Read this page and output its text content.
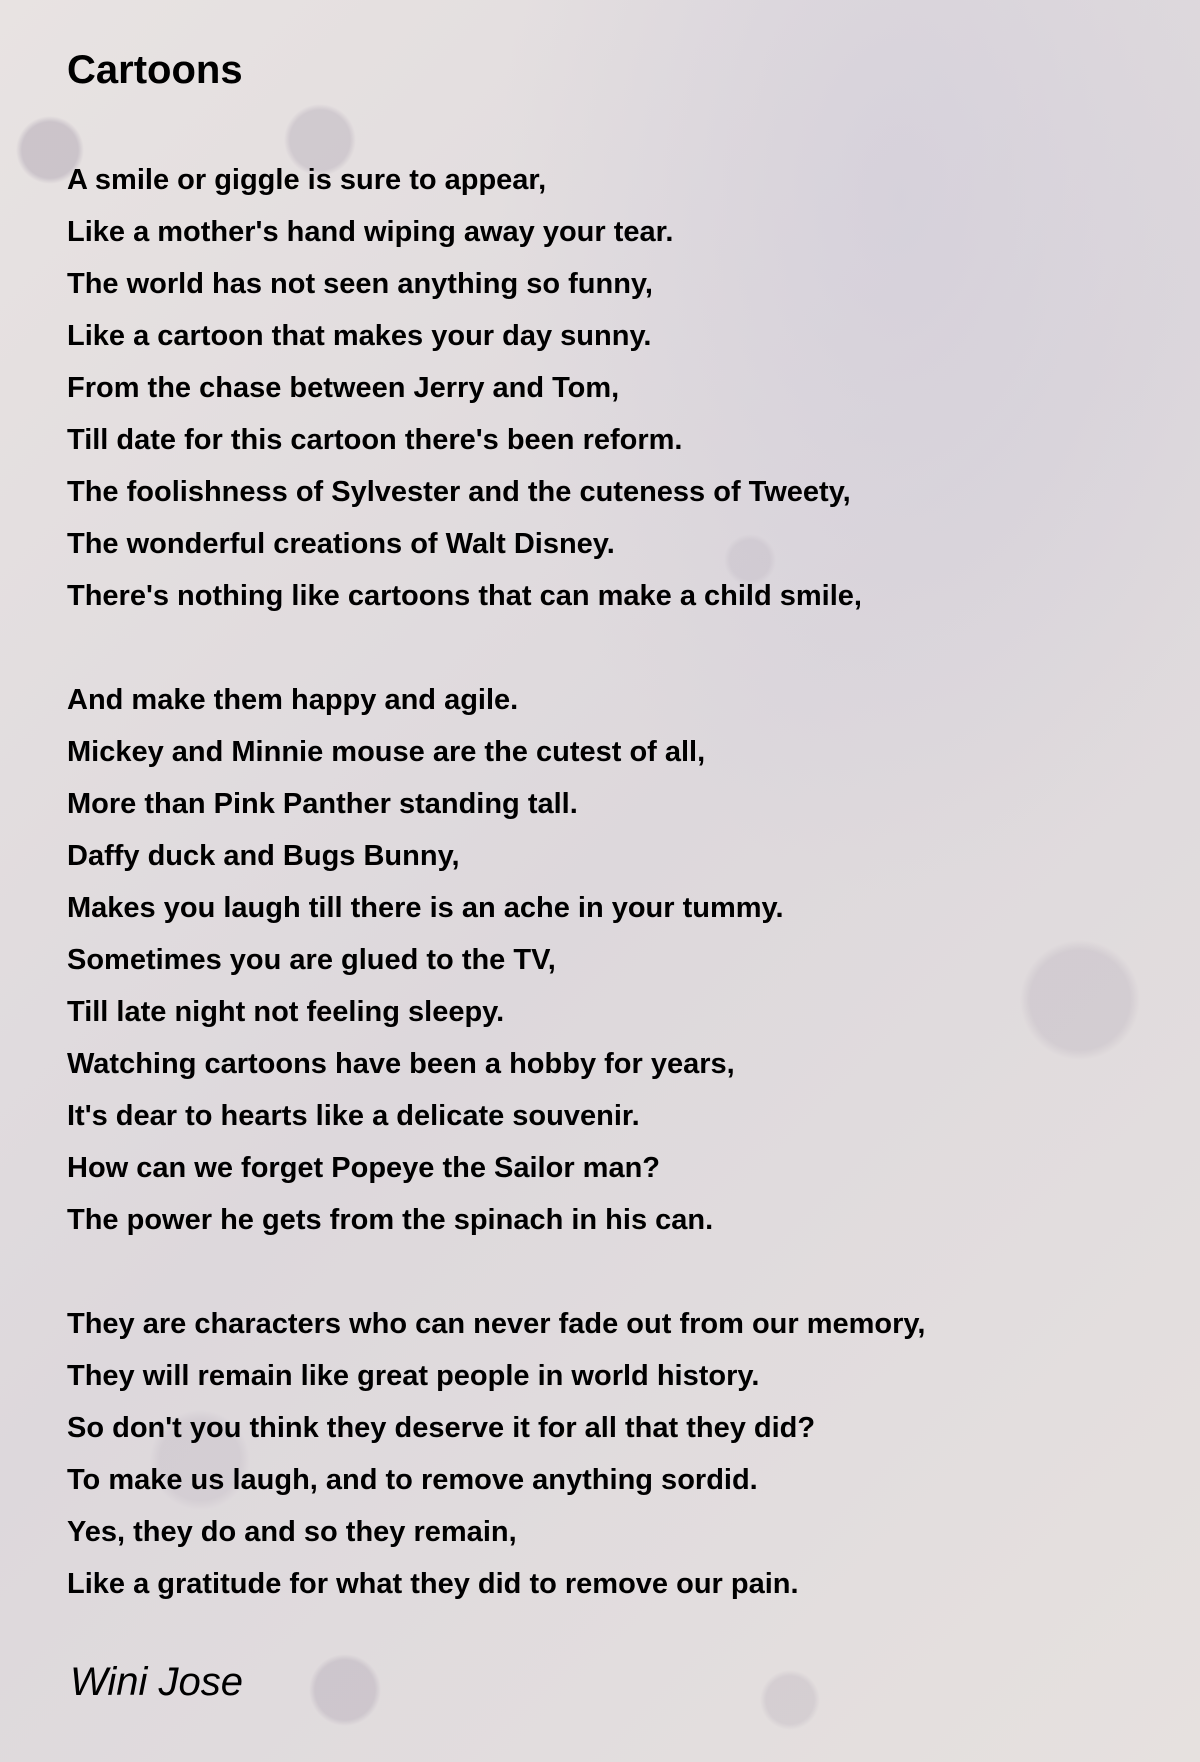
Cartoons
A smile or giggle is sure to appear,
Like a mother's hand wiping away your tear.
The world has not seen anything so funny,
Like a cartoon that makes your day sunny.
From the chase between Jerry and Tom,
Till date for this cartoon there's been reform.
The foolishness of Sylvester and the cuteness of Tweety,
The wonderful creations of Walt Disney.
There's nothing like cartoons that can make a child smile,
And make them happy and agile.
Mickey and Minnie mouse are the cutest of all,
More than Pink Panther standing tall.
Daffy duck and Bugs Bunny,
Makes you laugh till there is an ache in your tummy.
Sometimes you are glued to the TV,
Till late night not feeling sleepy.
Watching cartoons have been a hobby for years,
It's dear to hearts like a delicate souvenir.
How can we forget Popeye the Sailor man?
The power he gets from the spinach in his can.
They are characters who can never fade out from our memory,
They will remain like great people in world history.
So don't you think they deserve it for all that they did?
To make us laugh, and to remove anything sordid.
Yes, they do and so they remain,
Like a gratitude for what they did to remove our pain.
Wini Jose
